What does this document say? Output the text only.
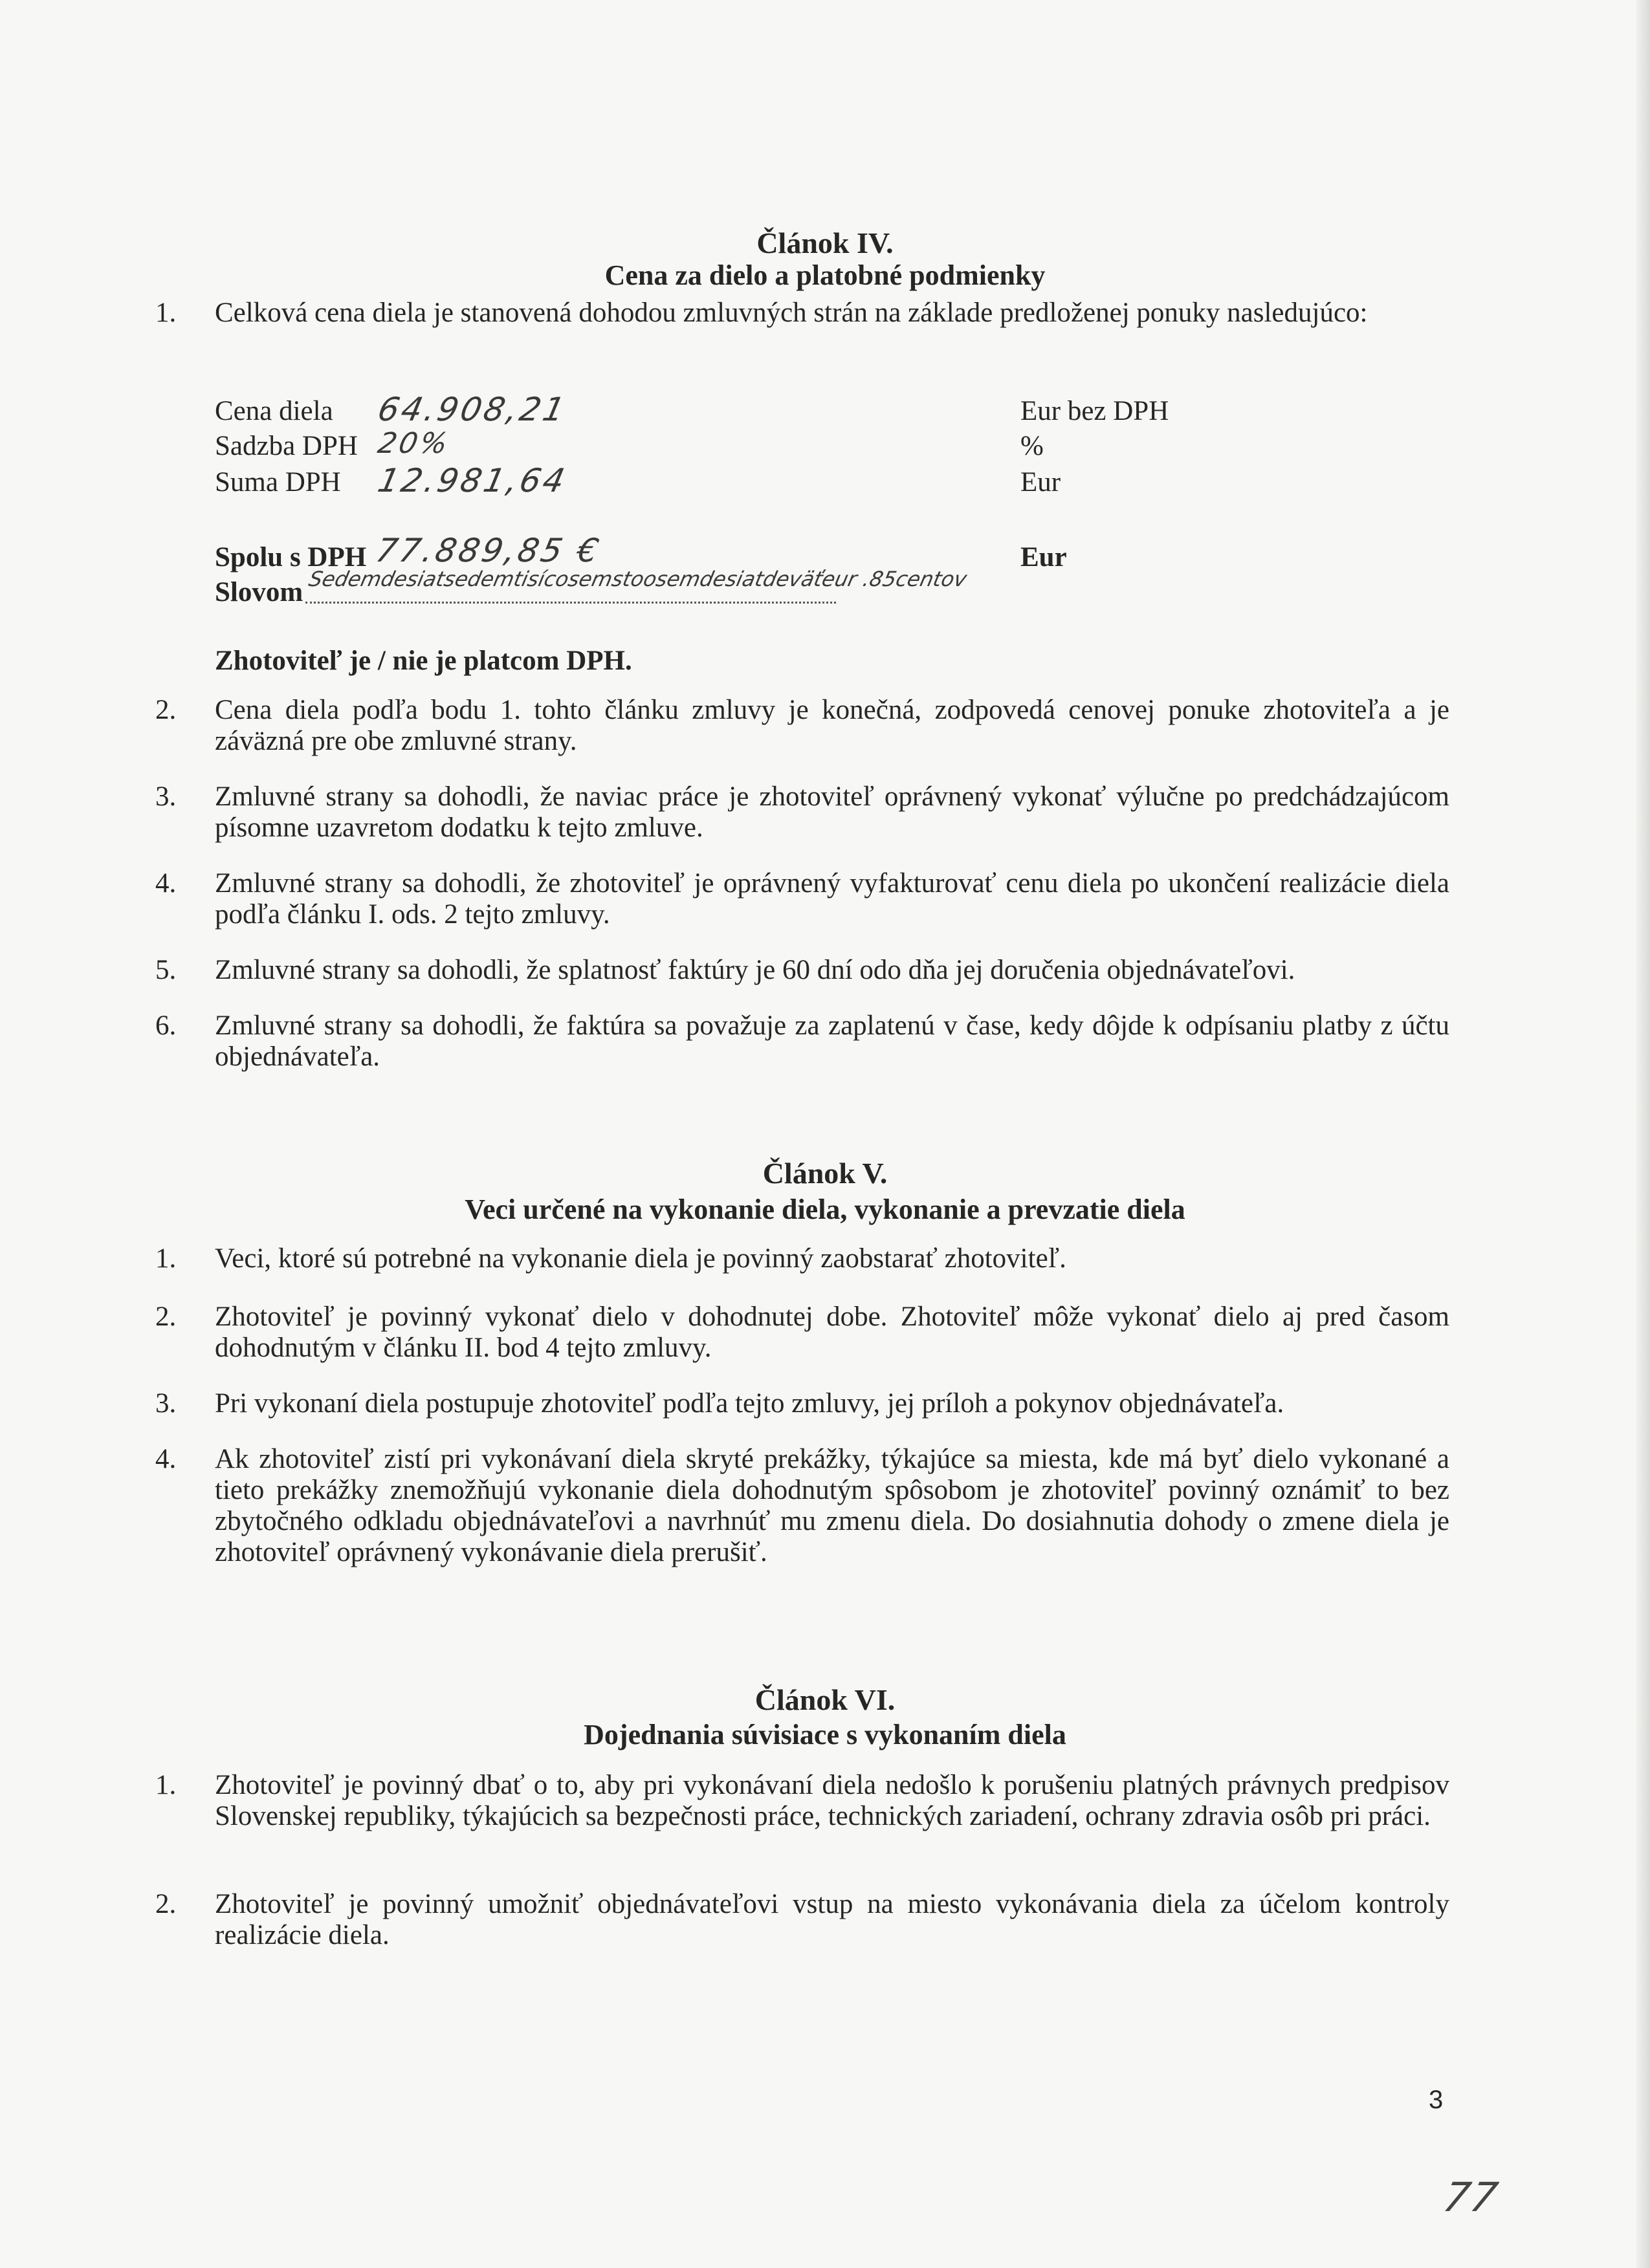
Článok IV.
Cena za dielo a platobné podmienky
1.	Celková cena diela je stanovená dohodou zmluvných strán na základe predloženej ponuky nasledujúco:
Cena diela 64.908,21	Eur bez DPH
Sadzba DPH 20%	%
Suma DPH 12.981,64	Eur
Spolu s DPH 77.889,85 €	Eur
Slovom Sedemdesiatsedemtisícosemstoosemdesiatdeväťeur .85centov
Zhotoviteľ je / nie je platcom DPH.
2.	Cena diela podľa bodu 1. tohto článku zmluvy je konečná, zodpovedá cenovej ponuke zhotoviteľa a je záväzná pre obe zmluvné strany.
3.	Zmluvné strany sa dohodli, že naviac práce je zhotoviteľ oprávnený vykonať výlučne po predchádzajúcom písomne uzavretom dodatku k tejto zmluve.
4.	Zmluvné strany sa dohodli, že zhotoviteľ je oprávnený vyfakturovať cenu diela po ukončení realizácie diela podľa článku I. ods. 2 tejto zmluvy.
5.	Zmluvné strany sa dohodli, že splatnosť faktúry je 60 dní odo dňa jej doručenia objednávateľovi.
6.	Zmluvné strany sa dohodli, že faktúra sa považuje za zaplatenú v čase, kedy dôjde k odpísaniu platby z účtu objednávateľa.
Článok V.
Veci určené na vykonanie diela, vykonanie a prevzatie diela
1.	Veci, ktoré sú potrebné na vykonanie diela je povinný zaobstarať zhotoviteľ.
2.	Zhotoviteľ je povinný vykonať dielo v dohodnutej dobe. Zhotoviteľ môže vykonať dielo aj pred časom dohodnutým v článku II. bod 4 tejto zmluvy.
3.	Pri vykonaní diela postupuje zhotoviteľ podľa tejto zmluvy, jej príloh a pokynov objednávateľa.
4.	Ak zhotoviteľ zistí pri vykonávaní diela skryté prekážky, týkajúce sa miesta, kde má byť dielo vykonané a tieto prekážky znemožňujú vykonanie diela dohodnutým spôsobom je zhotoviteľ povinný oznámiť to bez zbytočného odkladu objednávateľovi a navrhnúť mu zmenu diela. Do dosiahnutia dohody o zmene diela je zhotoviteľ oprávnený vykonávanie diela prerušiť.
Článok VI.
Dojednania súvisiace s vykonaním diela
1.	Zhotoviteľ je povinný dbať o to, aby pri vykonávaní diela nedošlo k porušeniu platných právnych predpisov Slovenskej republiky, týkajúcich sa bezpečnosti práce, technických zariadení, ochrany zdravia osôb pri práci.
2.	Zhotoviteľ je povinný umožniť objednávateľovi vstup na miesto vykonávania diela za účelom kontroly realizácie diela.
3
77
